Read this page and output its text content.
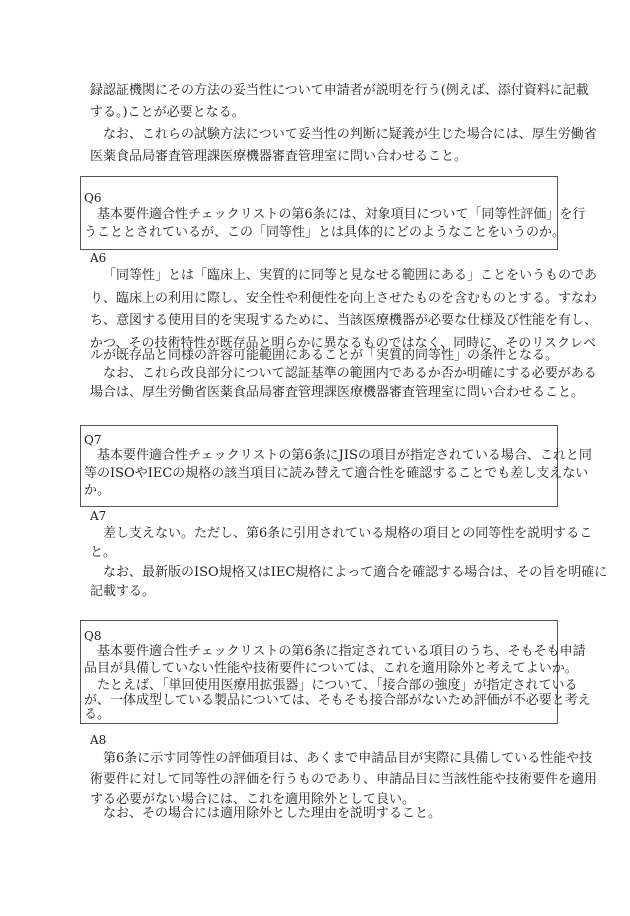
録認証機関にその方法の妥当性について申請者が説明を行う(例えば、添付資料に記載
する。)ことが必要となる。
なお、これらの試験方法について妥当性の判断に疑義が生じた場合には、厚生労働省
医薬食品局審査管理課医療機器審査管理室に問い合わせること。
Q6
基本要件適合性チェックリストの第6条には、対象項目について「同等性評価」を行
うこととされているが、この「同等性」とは具体的にどのようなことをいうのか。
A6
「同等性」とは「臨床上、実質的に同等と見なせる範囲にある」ことをいうものであ
り、臨床上の利用に際し、安全性や利便性を向上させたものを含むものとする。すなわ
ち、意図する使用目的を実現するために、当該医療機器が必要な仕様及び性能を有し、
かつ、その技術特性が既存品と明らかに異なるものではなく、同時に、そのリスクレベ
ルが既存品と同様の許容可能範囲にあることが「実質的同等性」の条件となる。
なお、これら改良部分について認証基準の範囲内であるか否か明確にする必要がある
場合は、厚生労働省医薬食品局審査管理課医療機器審査管理室に問い合わせること。
Q7
基本要件適合性チェックリストの第6条にJISの項目が指定されている場合、これと同
等のISOやIECの規格の該当項目に読み替えて適合性を確認することでも差し支えない
か。
A7
差し支えない。ただし、第6条に引用されている規格の項目との同等性を説明するこ
と。
なお、最新版のISO規格又はIEC規格によって適合を確認する場合は、その旨を明確に
記載する。
Q8
基本要件適合性チェックリストの第6条に指定されている項目のうち、そもそも申請
品目が具備していない性能や技術要件については、これを適用除外と考えてよいか。
たとえば、「単回使用医療用拡張器」について、「接合部の強度」が指定されている
が、一体成型している製品については、そもそも接合部がないため評価が不必要と考え
る。
A8
第6条に示す同等性の評価項目は、あくまで申請品目が実際に具備している性能や技
術要件に対して同等性の評価を行うものであり、申請品目に当該性能や技術要件を適用
する必要がない場合には、これを適用除外として良い。
なお、その場合には適用除外とした理由を説明すること。
